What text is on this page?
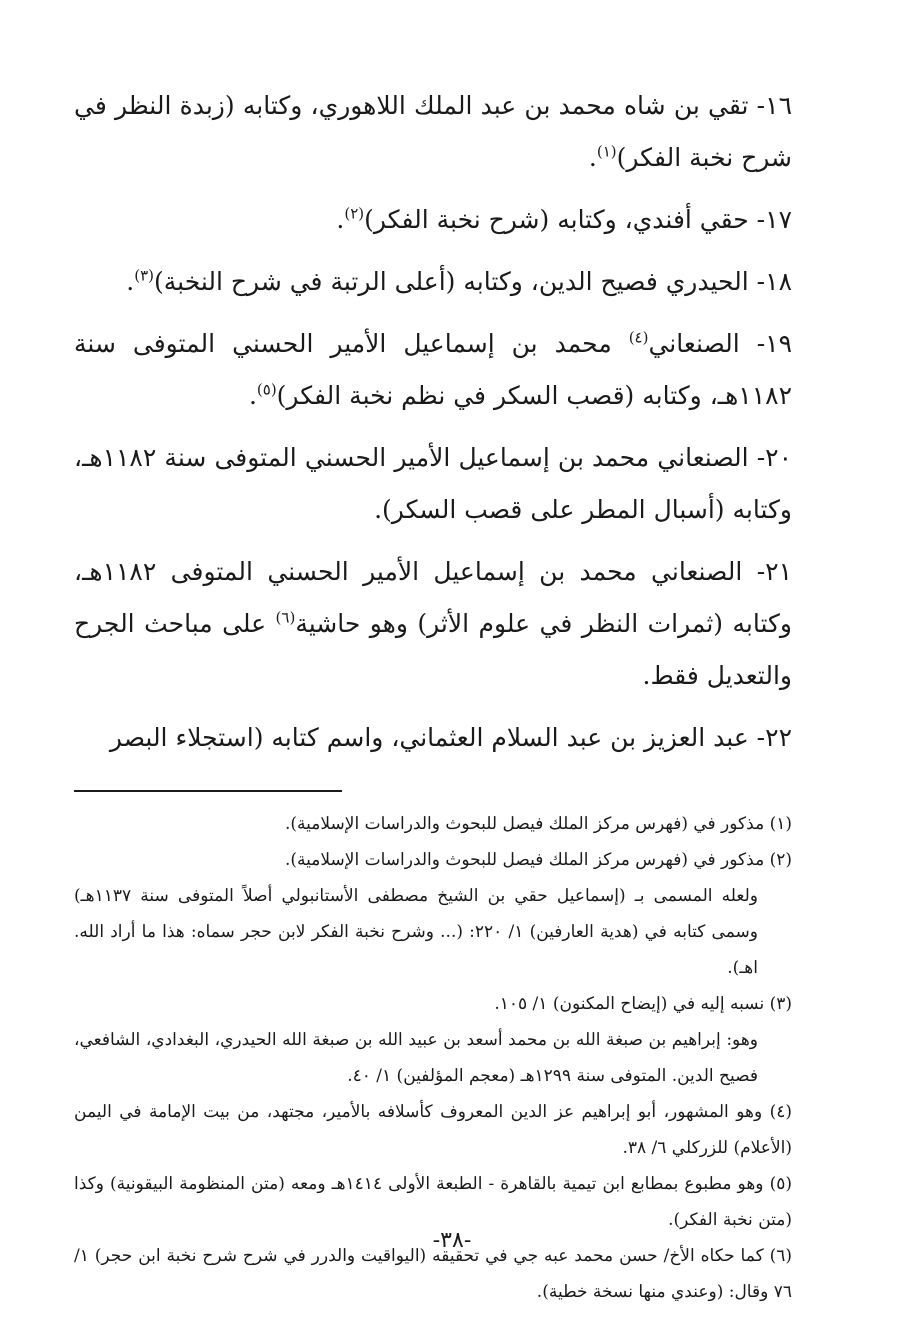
١٦- تقي بن شاه محمد بن عبد الملك اللاهوري، وكتابه (زبدة النظر في شرح نخبة الفكر)$^{(١)}$.

١٧- حقي أفندي، وكتابه (شرح نخبة الفكر)$^{(٢)}$.

١٨- الحيدري فصيح الدين، وكتابه (أعلى الرتبة في شرح النخبة)$^{(٣)}$.

١٩- الصنعاني$^{(٤)}$ محمد بن إسماعيل الأمير الحسني المتوفى سنة ١١٨٢هـ، وكتابه (قصب السكر في نظم نخبة الفكر)$^{(٥)}$.

٢٠- الصنعاني محمد بن إسماعيل الأمير الحسني المتوفى سنة ١١٨٢هـ، وكتابه (أسبال المطر على قصب السكر).

٢١- الصنعاني محمد بن إسماعيل الأمير الحسني المتوفى ١١٨٢هـ، وكتابه (ثمرات النظر في علوم الأثر) وهو حاشية$^{(٦)}$ على مباحث الجرح والتعديل فقط.

٢٢- عبد العزيز بن عبد السلام العثماني، واسم كتابه (استجلاء البصر

(١) مذكور في (فهرس مركز الملك فيصل للبحوث والدراسات الإسلامية).

(٢) مذكور في (فهرس مركز الملك فيصل للبحوث والدراسات الإسلامية).

ولعله المسمى بـ (إسماعيل حقي بن الشيخ مصطفى الأستانبولي أصلاً المتوفى سنة ١١٣٧هـ) وسمى كتابه في (هدية العارفين) ١/ ٢٢٠: (... وشرح نخبة الفكر لابن حجر سماه: هذا ما أراد الله. اهـ).

(٣) نسبه إليه في (إيضاح المكنون) ١/ ١٠٥.

وهو: إبراهيم بن صبغة الله بن محمد أسعد بن عبيد الله بن صبغة الله الحيدري، البغدادي، الشافعي، فصيح الدين. المتوفى سنة ١٢٩٩هـ (معجم المؤلفين) ١/ ٤٠.

(٤) وهو المشهور، أبو إبراهيم عز الدين المعروف كأسلافه بالأمير، مجتهد، من بيت الإمامة في اليمن (الأعلام) للزركلي ٦/ ٣٨.

(٥) وهو مطبوع بمطابع ابن تيمية بالقاهرة - الطبعة الأولى ١٤١٤هـ ومعه (متن المنظومة البيقونية) وكذا (متن نخبة الفكر).

(٦) كما حكاه الأخ/ حسن محمد عبه جي في تحقيقه (اليواقيت والدرر في شرح شرح نخبة ابن حجر) ١/ ٧٦ وقال: (وعندي منها نسخة خطية).

-٣٨-
